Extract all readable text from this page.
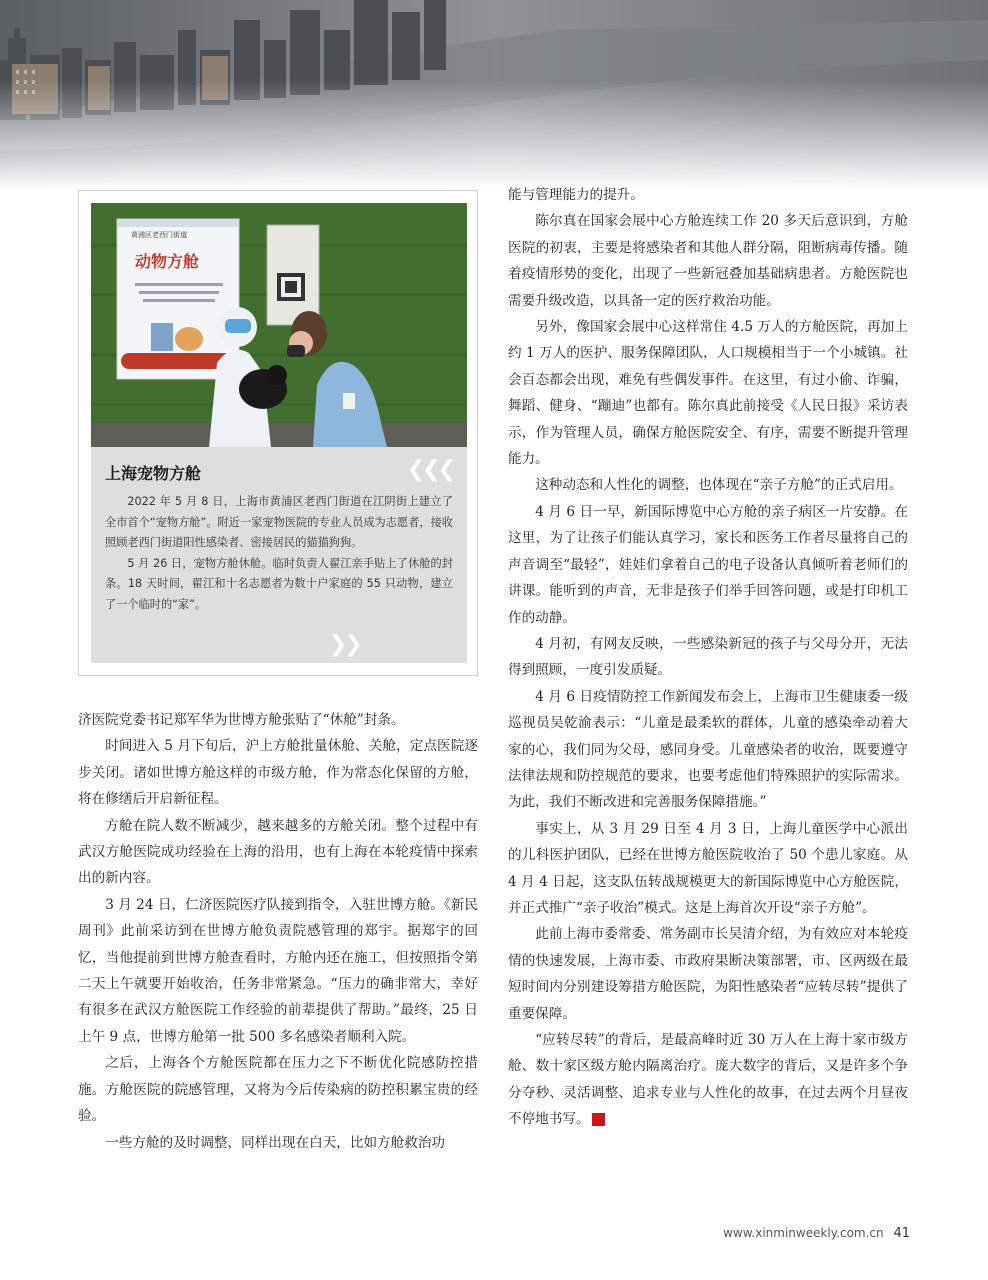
黄浦区老西门街道
动物方舱
上海宠物方舱	❮❮❮

2022 年 5 月 8 日，上海市黄浦区老西门街道在江阴街上建立了全市首个“宠物方舱”。附近一家宠物医院的专业人员成为志愿者，接收照顾老西门街道阳性感染者、密接居民的猫猫狗狗。

5 月 26 日，宠物方舱休舱。临时负责人翟江亲手贴上了休舱的封条。18 天时间，翟江和十名志愿者为数十户家庭的 55 只动物，建立了一个临时的“家”。

❯❯

济医院党委书记郑军华为世博方舱张贴了“休舱”封条。

时间进入 5 月下旬后，沪上方舱批量休舱、关舱，定点医院逐步关闭。诸如世博方舱这样的市级方舱，作为常态化保留的方舱，将在修缮后开启新征程。

方舱在院人数不断减少，越来越多的方舱关闭。整个过程中有武汉方舱医院成功经验在上海的沿用，也有上海在本轮疫情中探索出的新内容。

3 月 24 日，仁济医院医疗队接到指令，入驻世博方舱。《新民周刊》此前采访到在世博方舱负责院感管理的郑宇。据郑宇的回忆，当他提前到世博方舱查看时，方舱内还在施工，但按照指令第二天上午就要开始收治，任务非常紧急。“压力的确非常大，幸好有很多在武汉方舱医院工作经验的前辈提供了帮助。”最终，25 日上午 9 点，世博方舱第一批 500 多名感染者顺利入院。

之后，上海各个方舱医院都在压力之下不断优化院感防控措施。方舱医院的院感管理，又将为今后传染病的防控积累宝贵的经验。

一些方舱的及时调整，同样出现在白天，比如方舱救治功

能与管理能力的提升。

陈尔真在国家会展中心方舱连续工作 20 多天后意识到，方舱医院的初衷，主要是将感染者和其他人群分隔，阻断病毒传播。随着疫情形势的变化，出现了一些新冠叠加基础病患者。方舱医院也需要升级改造，以具备一定的医疗救治功能。

另外，像国家会展中心这样常住 4.5 万人的方舱医院，再加上约 1 万人的医护、服务保障团队，人口规模相当于一个小城镇。社会百态都会出现，难免有些偶发事件。在这里，有过小偷、诈骗，舞蹈、健身、“蹦迪”也都有。陈尔真此前接受《人民日报》采访表示，作为管理人员，确保方舱医院安全、有序，需要不断提升管理能力。

这种动态和人性化的调整，也体现在“亲子方舱”的正式启用。

4 月 6 日一早，新国际博览中心方舱的亲子病区一片安静。在这里，为了让孩子们能认真学习，家长和医务工作者尽量将自己的声音调至“最轻”，娃娃们拿着自己的电子设备认真倾听着老师们的讲课。能听到的声音，无非是孩子们举手回答问题，或是打印机工作的动静。

4 月初，有网友反映，一些感染新冠的孩子与父母分开，无法得到照顾，一度引发质疑。

4 月 6 日疫情防控工作新闻发布会上，上海市卫生健康委一级巡视员吴乾渝表示：“儿童是最柔软的群体，儿童的感染牵动着大家的心，我们同为父母，感同身受。儿童感染者的收治，既要遵守法律法规和防控规范的要求，也要考虑他们特殊照护的实际需求。为此，我们不断改进和完善服务保障措施。”

事实上，从 3 月 29 日至 4 月 3 日，上海儿童医学中心派出的儿科医护团队，已经在世博方舱医院收治了 50 个患儿家庭。从 4 月 4 日起，这支队伍转战规模更大的新国际博览中心方舱医院，并正式推广“亲子收治”模式。这是上海首次开设“亲子方舱”。

此前上海市委常委、常务副市长吴清介绍，为有效应对本轮疫情的快速发展，上海市委、市政府果断决策部署，市、区两级在最短时间内分别建设筹措方舱医院，为阳性感染者“应转尽转”提供了重要保障。

“应转尽转”的背后，是最高峰时近 30 万人在上海十家市级方舱、数十家区级方舱内隔离治疗。庞大数字的背后，又是许多个争分夺秒、灵活调整、追求专业与人性化的故事，在过去两个月昼夜不停地书写。	民

www.xinminweekly.com.cn 41
